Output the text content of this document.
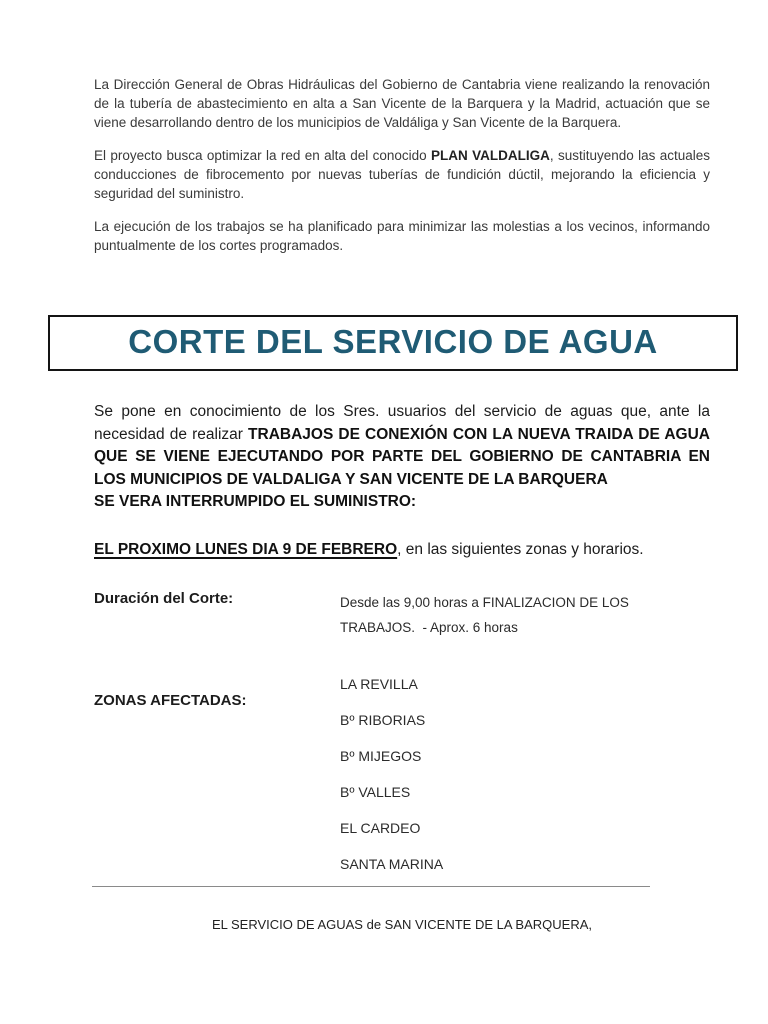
La Dirección General de Obras Hidráulicas del Gobierno de Cantabria viene realizando la renovación de la tubería de abastecimiento en alta a San Vicente de la Barquera y la Madrid, actuación que se viene desarrollando dentro de los municipios de Valdáliga y San Vicente de la Barquera.

El proyecto busca optimizar la red en alta del conocido PLAN VALDALIGA, sustituyendo las actuales conducciones de fibrocemento por nuevas tuberías de fundición dúctil, mejorando la eficiencia y seguridad del suministro.

La ejecución de los trabajos se ha planificado para minimizar las molestias a los vecinos, informando puntualmente de los cortes programados.

CORTE DEL SERVICIO DE AGUA

Se pone en conocimiento de los Sres. usuarios del servicio de aguas que, ante la necesidad de realizar TRABAJOS DE CONEXIÓN CON LA NUEVA TRAIDA DE AGUA QUE SE VIENE EJECUTANDO POR PARTE DEL GOBIERNO DE CANTABRIA EN LOS MUNICIPIOS DE VALDALIGA Y SAN VICENTE DE LA BARQUERA

SE VERA INTERRUMPIDO EL SUMINISTRO:

EL PROXIMO LUNES DIA 9 DE FEBRERO, en las siguientes zonas y horarios.

Duración del Corte:	Desde las 9,00 horas a FINALIZACION DE LOS TRABAJOS.  - Aprox. 6 horas
ZONAS AFECTADAS:
LA REVILLA
Bº RIBORIAS
Bº MIJEGOS
Bº VALLES
EL CARDEO
SANTA MARINA
EL SERVICIO DE AGUAS de SAN VICENTE DE LA BARQUERA,
